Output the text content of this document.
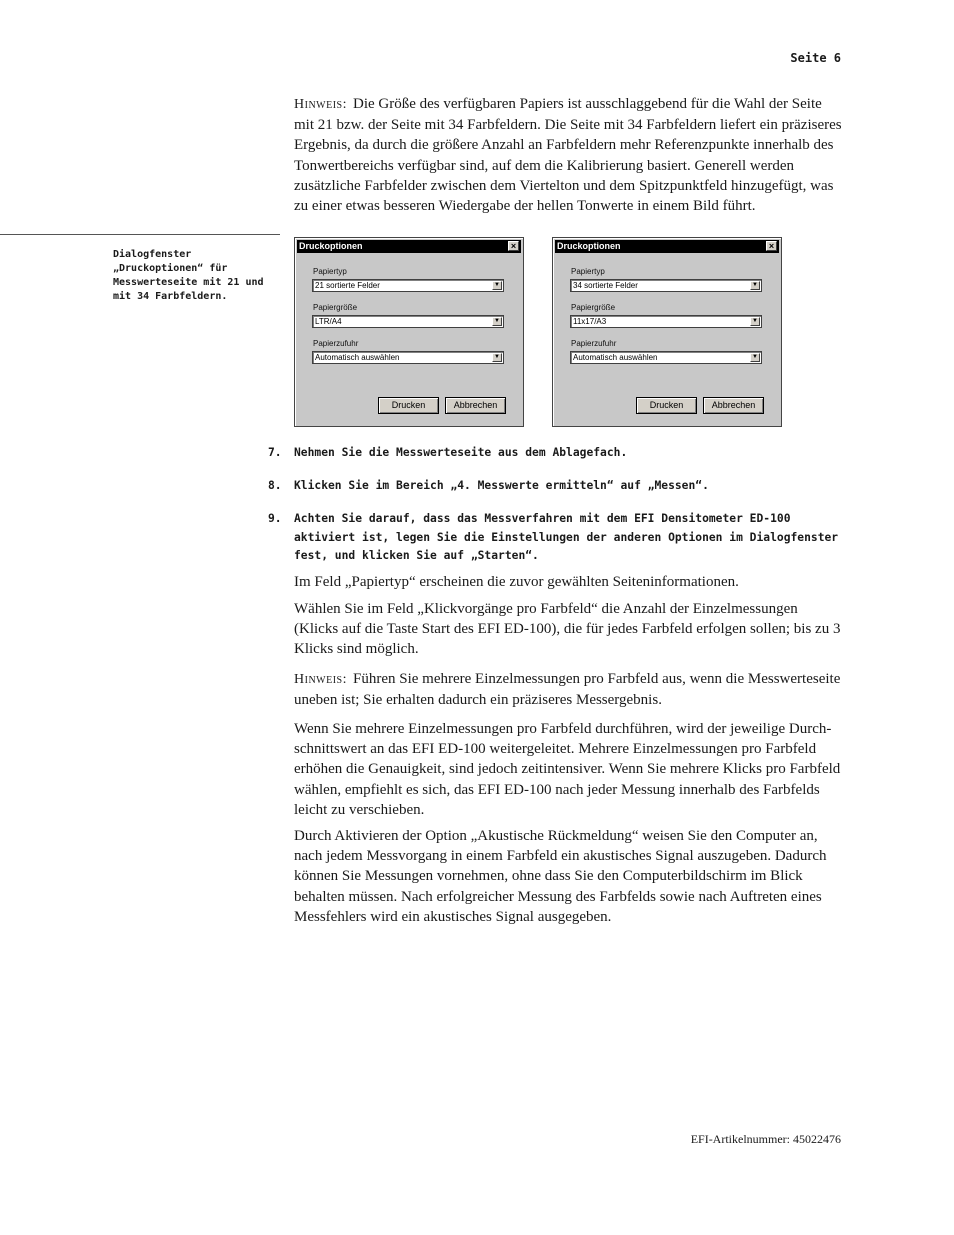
Seite 6

Hinweis: Die Größe des verfügbaren Papiers ist ausschlaggebend für die Wahl der Seite mit 21 bzw. der Seite mit 34 Farbfeldern. Die Seite mit 34 Farbfeldern liefert ein präziseres Ergebnis, da durch die größere Anzahl an Farbfeldern mehr Referenzpunkte innerhalb des Tonwertbereichs verfügbar sind, auf dem die Kalibrierung basiert. Generell werden zusätzliche Farbfelder zwischen dem Viertelton und dem Spitzpunktfeld hinzugefügt, was zu einer etwas besseren Wiedergabe der hellen Tonwerte in einem Bild führt.

Dialogfenster „Druckoptionen“ für Messwerteseite mit 21 und mit 34 Farbfeldern.
Druckoptionen	×
Papiertyp
21 sortierte Felder	▼
Papiergröße
LTR/A4	▼
Papierzufuhr
Automatisch auswählen	▼
Drucken	Abbrechen
Druckoptionen	×
Papiertyp
34 sortierte Felder	▼
Papiergröße
11x17/A3	▼
Papierzufuhr
Automatisch auswählen	▼
Drucken	Abbrechen
7. Nehmen Sie die Messwerteseite aus dem Ablagefach.
8. Klicken Sie im Bereich „4. Messwerte ermitteln“ auf „Messen“.
9. Achten Sie darauf, dass das Messverfahren mit dem EFI Densitometer ED-100 aktiviert ist, legen Sie die Einstellungen der anderen Optionen im Dialogfenster fest, und klicken Sie auf „Starten“.

Im Feld „Papiertyp“ erscheinen die zuvor gewählten Seiteninformationen.

Wählen Sie im Feld „Klickvorgänge pro Farbfeld“ die Anzahl der Einzelmessungen (Klicks auf die Taste Start des EFI ED-100), die für jedes Farbfeld erfolgen sollen; bis zu 3 Klicks sind möglich.

Hinweis: Führen Sie mehrere Einzelmessungen pro Farbfeld aus, wenn die Messwerteseite uneben ist; Sie erhalten dadurch ein präziseres Messergebnis.

Wenn Sie mehrere Einzelmessungen pro Farbfeld durchführen, wird der jeweilige Durchschnittswert an das EFI ED-100 weitergeleitet. Mehrere Einzelmessungen pro Farbfeld erhöhen die Genauigkeit, sind jedoch zeitintensiver. Wenn Sie mehrere Klicks pro Farbfeld wählen, empfiehlt es sich, das EFI ED-100 nach jeder Messung innerhalb des Farbfelds leicht zu verschieben.

Durch Aktivieren der Option „Akustische Rückmeldung“ weisen Sie den Computer an, nach jedem Messvorgang in einem Farbfeld ein akustisches Signal auszugeben. Dadurch können Sie Messungen vornehmen, ohne dass Sie den Computerbildschirm im Blick behalten müssen. Nach erfolgreicher Messung des Farbfelds sowie nach Auftreten eines Messfehlers wird ein akustisches Signal ausgegeben.

EFI-Artikelnummer: 45022476
